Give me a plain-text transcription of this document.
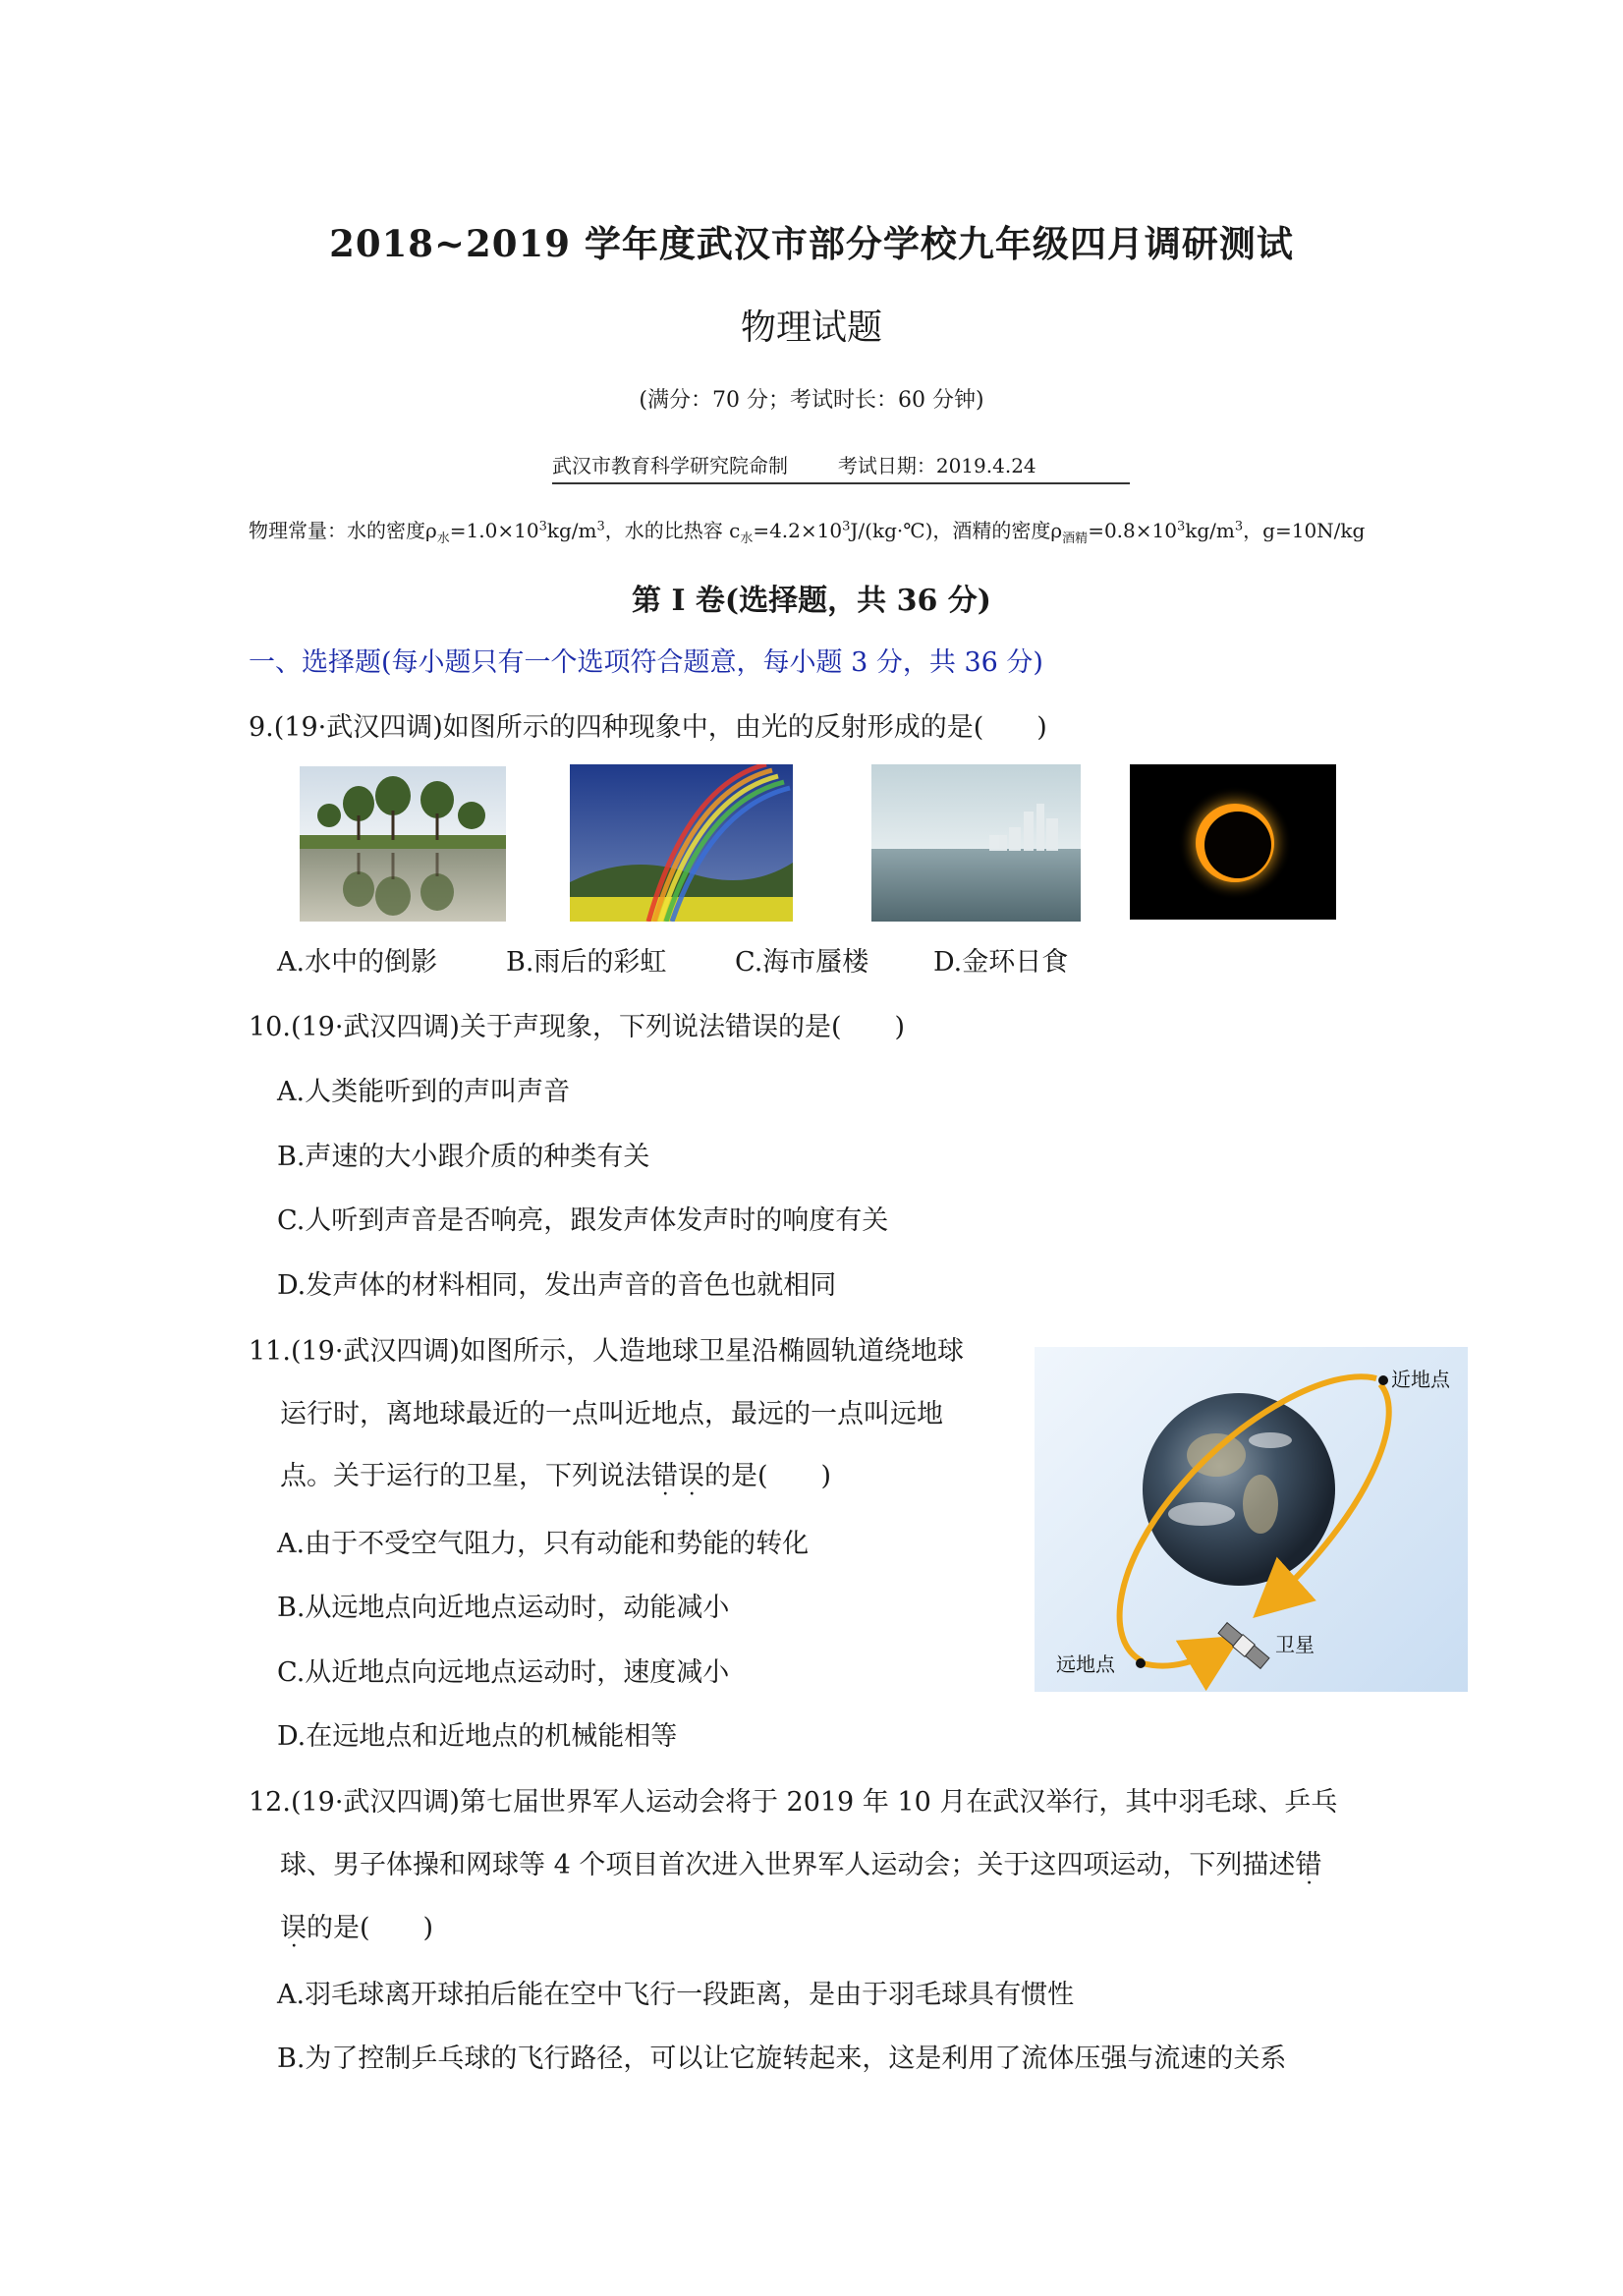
2018~2019 学年度武汉市部分学校九年级四月调研测试
物理试题
(满分：70 分；考试时长：60 分钟)
武汉市教育科学研究院命制        考试日期：2019.4.24
物理常量：水的密度$\rho_水=1.0\times 10^3kg/m^3$，水的比热容 $c_水=4.2\times 10^3J/(kg\cdot℃)$，酒精的密度$\rho_{酒精}=0.8\times 10^3kg/m^3$，g=10N/kg
第 I 卷(选择题，共 36 分)
一、选择题(每小题只有一个选项符合题意，每小题 3 分，共 36 分)
9.(19·武汉四调)如图所示的四种现象中，由光的反射形成的是(　　)
A.水中的倒影	B.雨后的彩虹	C.海市蜃楼 D.金环日食
10.(19·武汉四调)关于声现象，下列说法错误的是(　　)
A.人类能听到的声叫声音
B.声速的大小跟介质的种类有关
C.人听到声音是否响亮，跟发声体发声时的响度有关
D.发声体的材料相同，发出声音的音色也就相同
11.(19·武汉四调)如图所示，人造地球卫星沿椭圆轨道绕地球
运行时，离地球最近的一点叫近地点，最远的一点叫远地
点。关于运行的卫星，下列说法错误的是(　　)
A.由于不受空气阻力，只有动能和势能的转化
B.从远地点向近地点运动时，动能减小
C.从近地点向远地点运动时，速度减小
D.在远地点和近地点的机械能相等
近地点
远地点
卫星
12.(19·武汉四调)第七届世界军人运动会将于 2019 年 10 月在武汉举行，其中羽毛球、乒乓
球、男子体操和网球等 4 个项目首次进入世界军人运动会；关于这四项运动，下列描述错
误的是(　　)
A.羽毛球离开球拍后能在空中飞行一段距离，是由于羽毛球具有惯性
B.为了控制乒乓球的飞行路径，可以让它旋转起来，这是利用了流体压强与流速的关系
